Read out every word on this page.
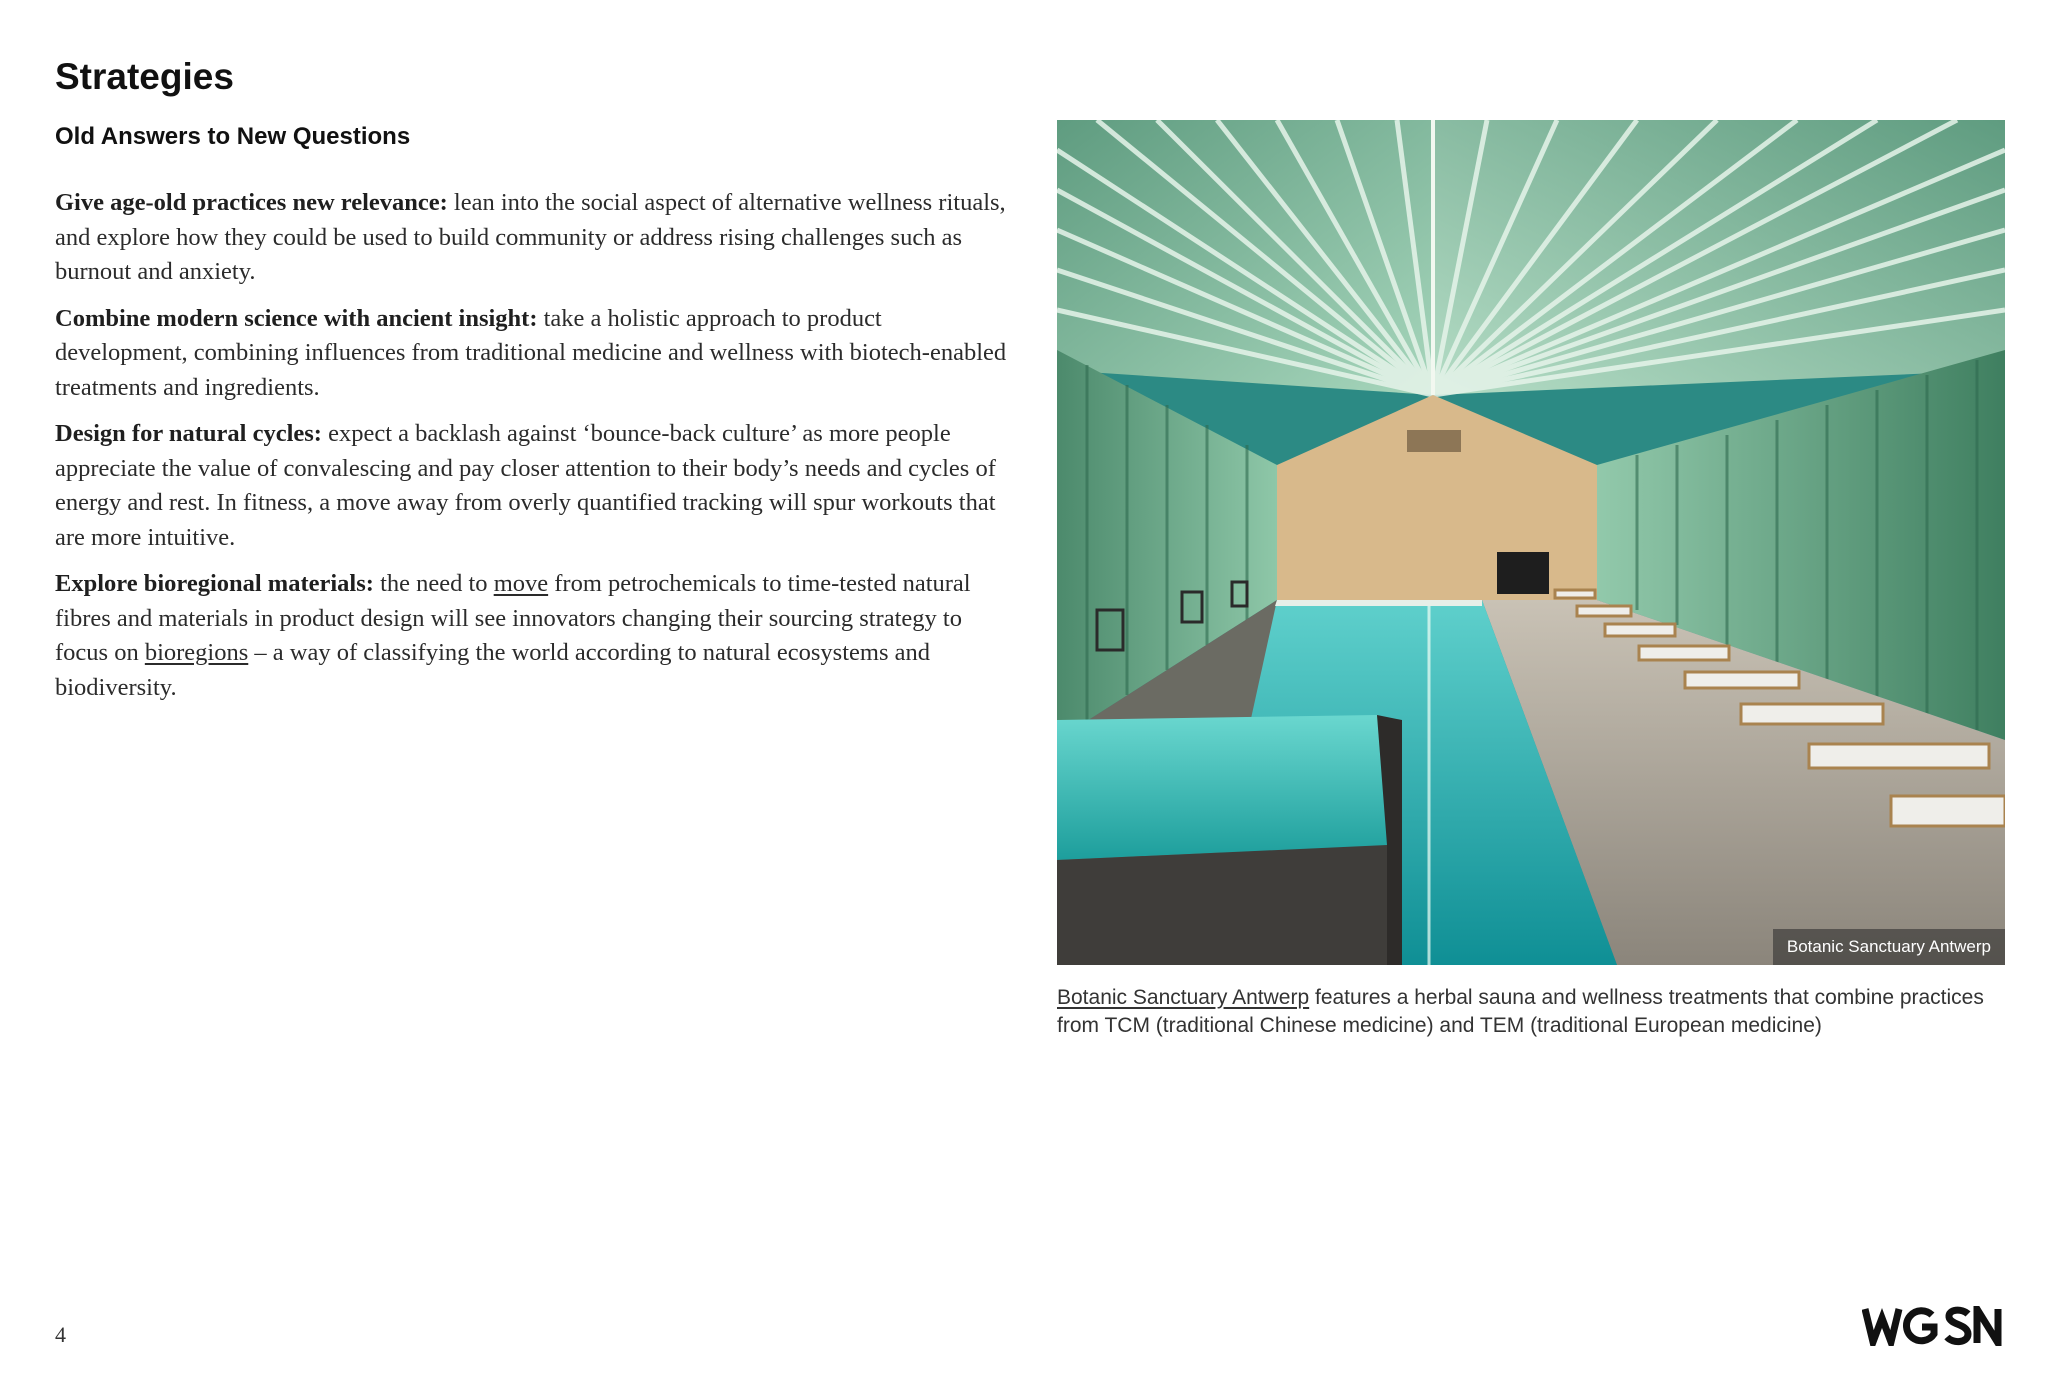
Strategies
Old Answers to New Questions

Give age-old practices new relevance: lean into the social aspect of alternative wellness rituals, and explore how they could be used to build community or address rising challenges such as burnout and anxiety.

Combine modern science with ancient insight: take a holistic approach to product development, combining influences from traditional medicine and wellness with biotech-enabled treatments and ingredients.

Design for natural cycles: expect a backlash against ‘bounce-back culture’ as more people appreciate the value of convalescing and pay closer attention to their body’s needs and cycles of energy and rest. In fitness, a move away from overly quantified tracking will spur workouts that are more intuitive.

Explore bioregional materials: the need to move from petrochemicals to time-tested natural fibres and materials in product design will see innovators changing their sourcing strategy to focus on bioregions – a way of classifying the world according to natural ecosystems and biodiversity.

Botanic Sanctuary Antwerp

Botanic Sanctuary Antwerp features a herbal sauna and wellness treatments that combine practices from TCM (traditional Chinese medicine) and TEM (traditional European medicine)

4
